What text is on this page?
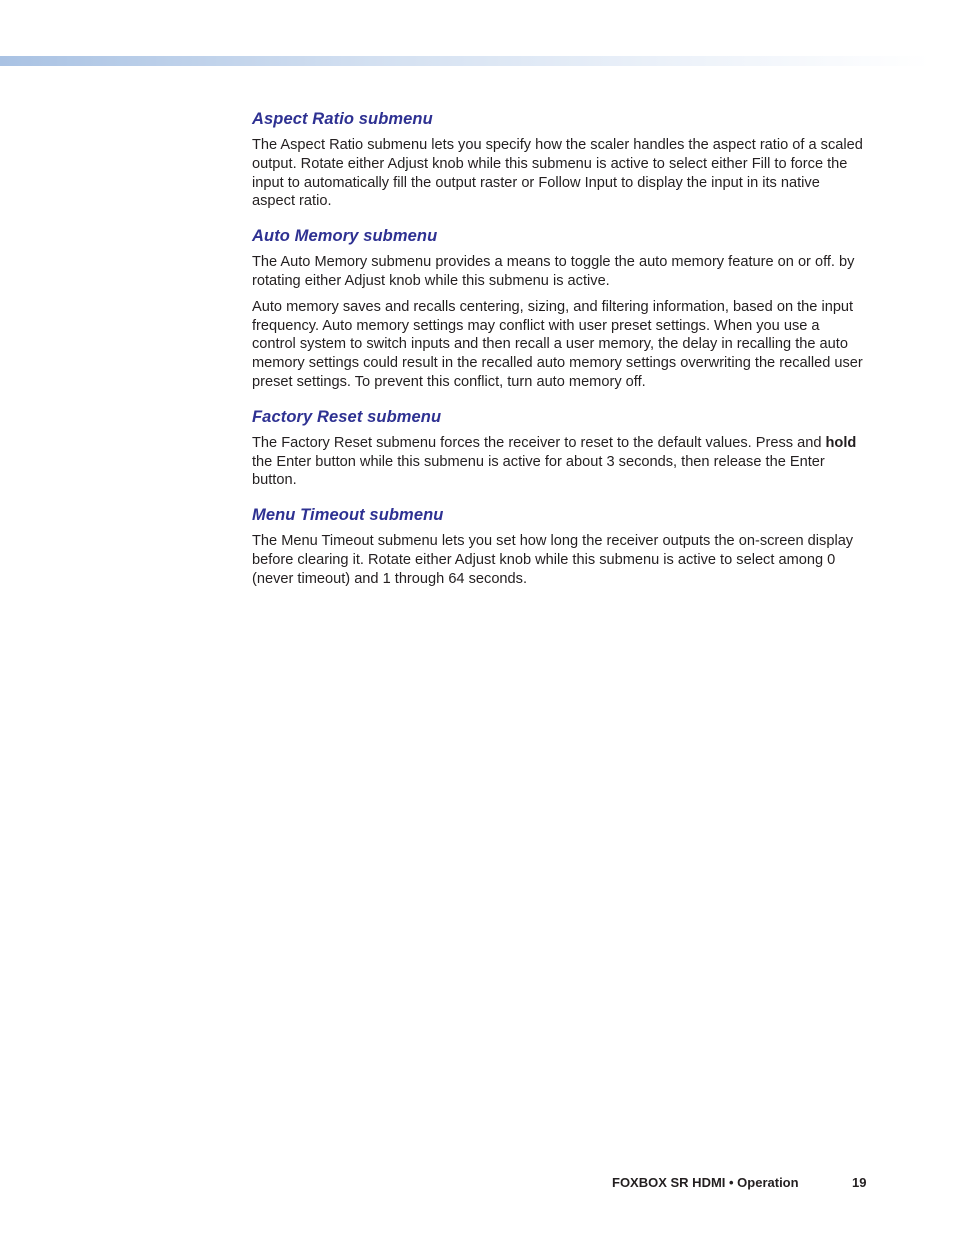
Aspect Ratio submenu

The Aspect Ratio submenu lets you specify how the scaler handles the aspect ratio of a scaled output. Rotate either Adjust knob while this submenu is active to select either Fill to force the input to automatically fill the output raster or Follow Input to display the input in its native aspect ratio.

Auto Memory submenu

The Auto Memory submenu provides a means to toggle the auto memory feature on or off. by rotating either Adjust knob while this submenu is active.

Auto memory saves and recalls centering, sizing, and filtering information, based on the input frequency. Auto memory settings may conflict with user preset settings. When you use a control system to switch inputs and then recall a user memory, the delay in recalling the auto memory settings could result in the recalled auto memory settings overwriting the recalled user preset settings. To prevent this conflict, turn auto memory off.

Factory Reset submenu

The Factory Reset submenu forces the receiver to reset to the default values. Press and hold the Enter button while this submenu is active for about 3 seconds, then release the Enter button.

Menu Timeout submenu

The Menu Timeout submenu lets you set how long the receiver outputs the on-screen display before clearing it. Rotate either Adjust knob while this submenu is active to select among 0 (never timeout) and 1 through 64 seconds.

FOXBOX SR HDMI • Operation	19
